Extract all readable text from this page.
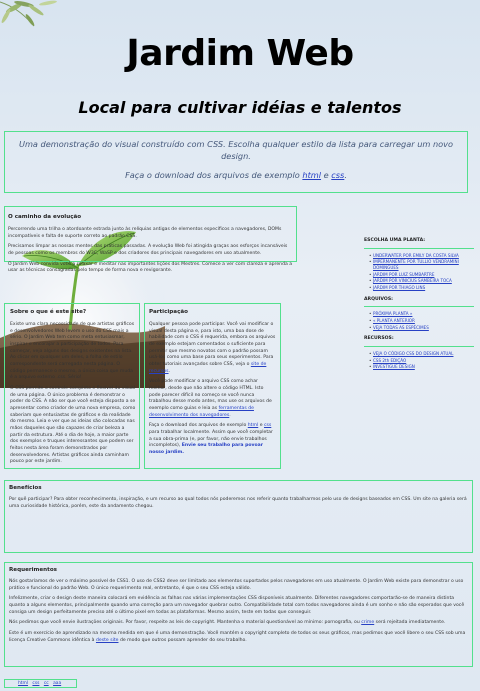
Jardim Web
Local para cultivar idéias e talentos

Uma demonstração do visual construído com CSS. Escolha qualquer estilo da lista para carregar um novo design.

Faça o download dos arquivos de exemplo html e css.

O caminho da evolução

Percorrendo uma trilha o atordoante estrada junto às relíquias antigas de elementos específicos a navegadores, DOMs incompatíveis e falta de suporte correto ao padrão CSS.

Precisamos limpar as nossas mentes das práticas passadas. A evolução Web foi atingida graças aos esforços incansáveis de pessoas como os membros do W3C, WaSP e dos criadores dos principais navegadores em uso atualmente.

O Jardim Web convida você a relaxar e meditar nas importantes lições dos Mestres. Comece a ver com clareza e aprenda a usar as técnicas consagradas pelo tempo de forma nova e revigorante.

Sobre o que é este site?

Existe uma clara necessidade de que artistas gráficos e desenvolvedores Web levem o uso do CSS mais a sério. O Jardim Web tem como meta entusiasmar, inspirar e encorajar a participação de todos. Para começar, veja alguns dos designs existentes na lista. Ao clicar em qualquer um deles, a folha de estilo correspondente será carregada nesta página. O código permanece o mesmo, a única coisa que muda é a arquivo externo .css. Sério!

O CSS permite o controle completo e flexível do visual de uma página. O único problema é demonstrar o poder do CSS. A não ser que você esteja disposto a se apresentar como criador de uma nova empresa, como saberiam que entusiastas de gráficos e da realidade do mesmo. Leia e ver que as ideias são colocadas nas mãos daqueles que são capazes de criar beleza a partir da estrutura. Até o dia de hoje, a maior parte dos exemplos e truques interessantes que podem ser feitos nesta área foram demonstrados por desenvolvedores. Artistas gráficos ainda caminham pouco por este jardim.

Participação

Qualquer pessoa pode participar. Você vai modificar o visual desta página e, para isto, uma boa dose de habilidade com o CSS é requerida, embora os arquivos de exemplo estejam comentados o suficiente para permitir que mesmo novatos com o padrão possam usá-los como uma base para seus experimentos. Para obter tutoriais avançados sobre CSS, veja o site de recursos.

Você pode modificar o arquivo CSS como achar melhor, desde que não altere o código HTML. Isto pode parecer difícil no começo se você nunca trabalhou desse modo antes, mas use os arquivos de exemplo como guias e leia as ferramentas de desenvolvimento dos navegadores.

Faça o download dos arquivos de exemplo html e css para trabalhar localmente. Assim que você completar a sua obra-prima (e, por favor, não envie trabalhos incompletos), Envie seu trabalho para povoar nosso jardim.

ESCOLHA UMA PLANTA:
• UNDERWATER POR EMILY DA COSTA SILVA
• IMPERMANENTE POR TULLIO VENDRAMINI DOMINGUES
• JARDIM POR LUIZ SUMBARTRE
• JARDIM POR VINICIUS SAMBEIRA TOCA
• JARDIM POR THIAGO LINS
ARQUIVOS:
• PRÓXIMA PLANTA »
• « PLANTA ANTERIOR
• VEJA TODAS AS ESPÉCIMES
RECURSOS:
• VEJA O CÓDIGO CSS DO DESIGN ATUAL
• CSS 2th EDIÇÃO
• INVESTIGUE DESIGN
Benefícios

Por quê participar? Para obter reconhecimento, inspiração, e um recurso ao qual todos nós poderemos nos referir quanto trabalharmos pelo uso de designs baseados em CSS. Um site na galeria será uma curiosidade histórica, porém, este da andamento chegou.

Requerimentos

Nós gostaríamos de ver o máximo possível de CSS1. O uso de CSS2 deve ser limitado aos elementos suportados pelos navegadores em uso atualmente. O Jardim Web existe para demonstrar o uso prático e funcional do padrão Web. O único requerimento real, entretanto, é que o seu CSS esteja válido.

Infelizmente, criar o design deste maneira colocará em evidência as falhas nas várias implementações CSS disponíveis atualmente. Diferentes navegadores comportarão-se de maneira distinta quanto a alguns elementos, principalmente quando uma correção para um navegador quebrar outro. Compatibilidade total com todos navegadores ainda é um sonho e não são esperados que você consiga um design perfeitamente preciso até o último pixel em todas as plataformas. Mesmo assim, teste em todas que conseguir.

Nós pedimos que você envie ilustrações originais. Por favor, respeite as leis de copyright. Mantenha o material questionável ao mínimo: pornografia, ou crime será rejeitada imediatamente.

Este é um exercício de aprendizado na mesma medida em que é uma demonstração. Você mantém o copyright completo de todos os seus gráficos, mas pedimos que você libere o seu CSS sob uma licença Creative Commons idêntica à deste site de modo que outros possam aprender do seu trabalho.

html css cc aaa
